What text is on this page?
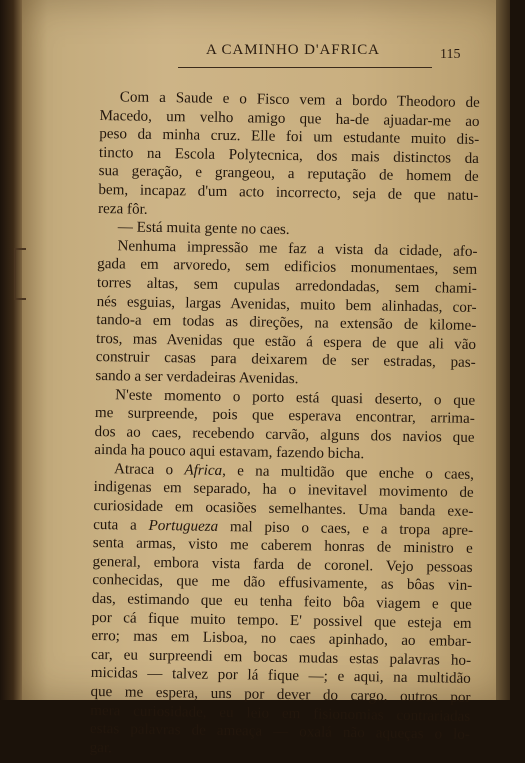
A CAMINHO D'AFRICA	115
Com a Saude e o Fisco vem a bordo Theodoro de
Macedo, um velho amigo que ha-de ajuadar-me ao
peso da minha cruz. Elle foi um estudante muito dis-
tincto na Escola Polytecnica, dos mais distinctos da
sua geração, e grangeou, a reputação de homem de
bem, incapaz d'um acto incorrecto, seja de que natu-
reza fôr.
— Está muita gente no caes.
Nenhuma impressão me faz a vista da cidade, afo-
gada em arvoredo, sem edificios monumentaes, sem
torres altas, sem cupulas arredondadas, sem chami-
nés esguias, largas Avenidas, muito bem alinhadas, cor-
tando-a em todas as direções, na extensão de kilome-
tros, mas Avenidas que estão á espera de que ali vão
construir casas para deixarem de ser estradas, pas-
sando a ser verdadeiras Avenidas.
N'este momento o porto está quasi deserto, o que
me surpreende, pois que esperava encontrar, arrima-
dos ao caes, recebendo carvão, alguns dos navios que
ainda ha pouco aqui estavam, fazendo bicha.
Atraca o Africa, e na multidão que enche o caes,
indigenas em separado, ha o inevitavel movimento de
curiosidade em ocasiões semelhantes. Uma banda exe-
cuta a Portugueza mal piso o caes, e a tropa apre-
senta armas, visto me caberem honras de ministro e
general, embora vista farda de coronel. Vejo pessoas
conhecidas, que me dão effusivamente, as bôas vin-
das, estimando que eu tenha feito bôa viagem e que
por cá fique muito tempo. E' possivel que esteja em
erro; mas em Lisboa, no caes apinhado, ao embar-
car, eu surpreendi em bocas mudas estas palavras ho-
micidas — talvez por lá fique —; e aqui, na multidão
que me espera, uns por dever do cargo, outros por
mera curiosidade, eu leio em fisionomias contrariadas
estas palavras de ameaça — oxalá não aqueças o lo-
gar.
